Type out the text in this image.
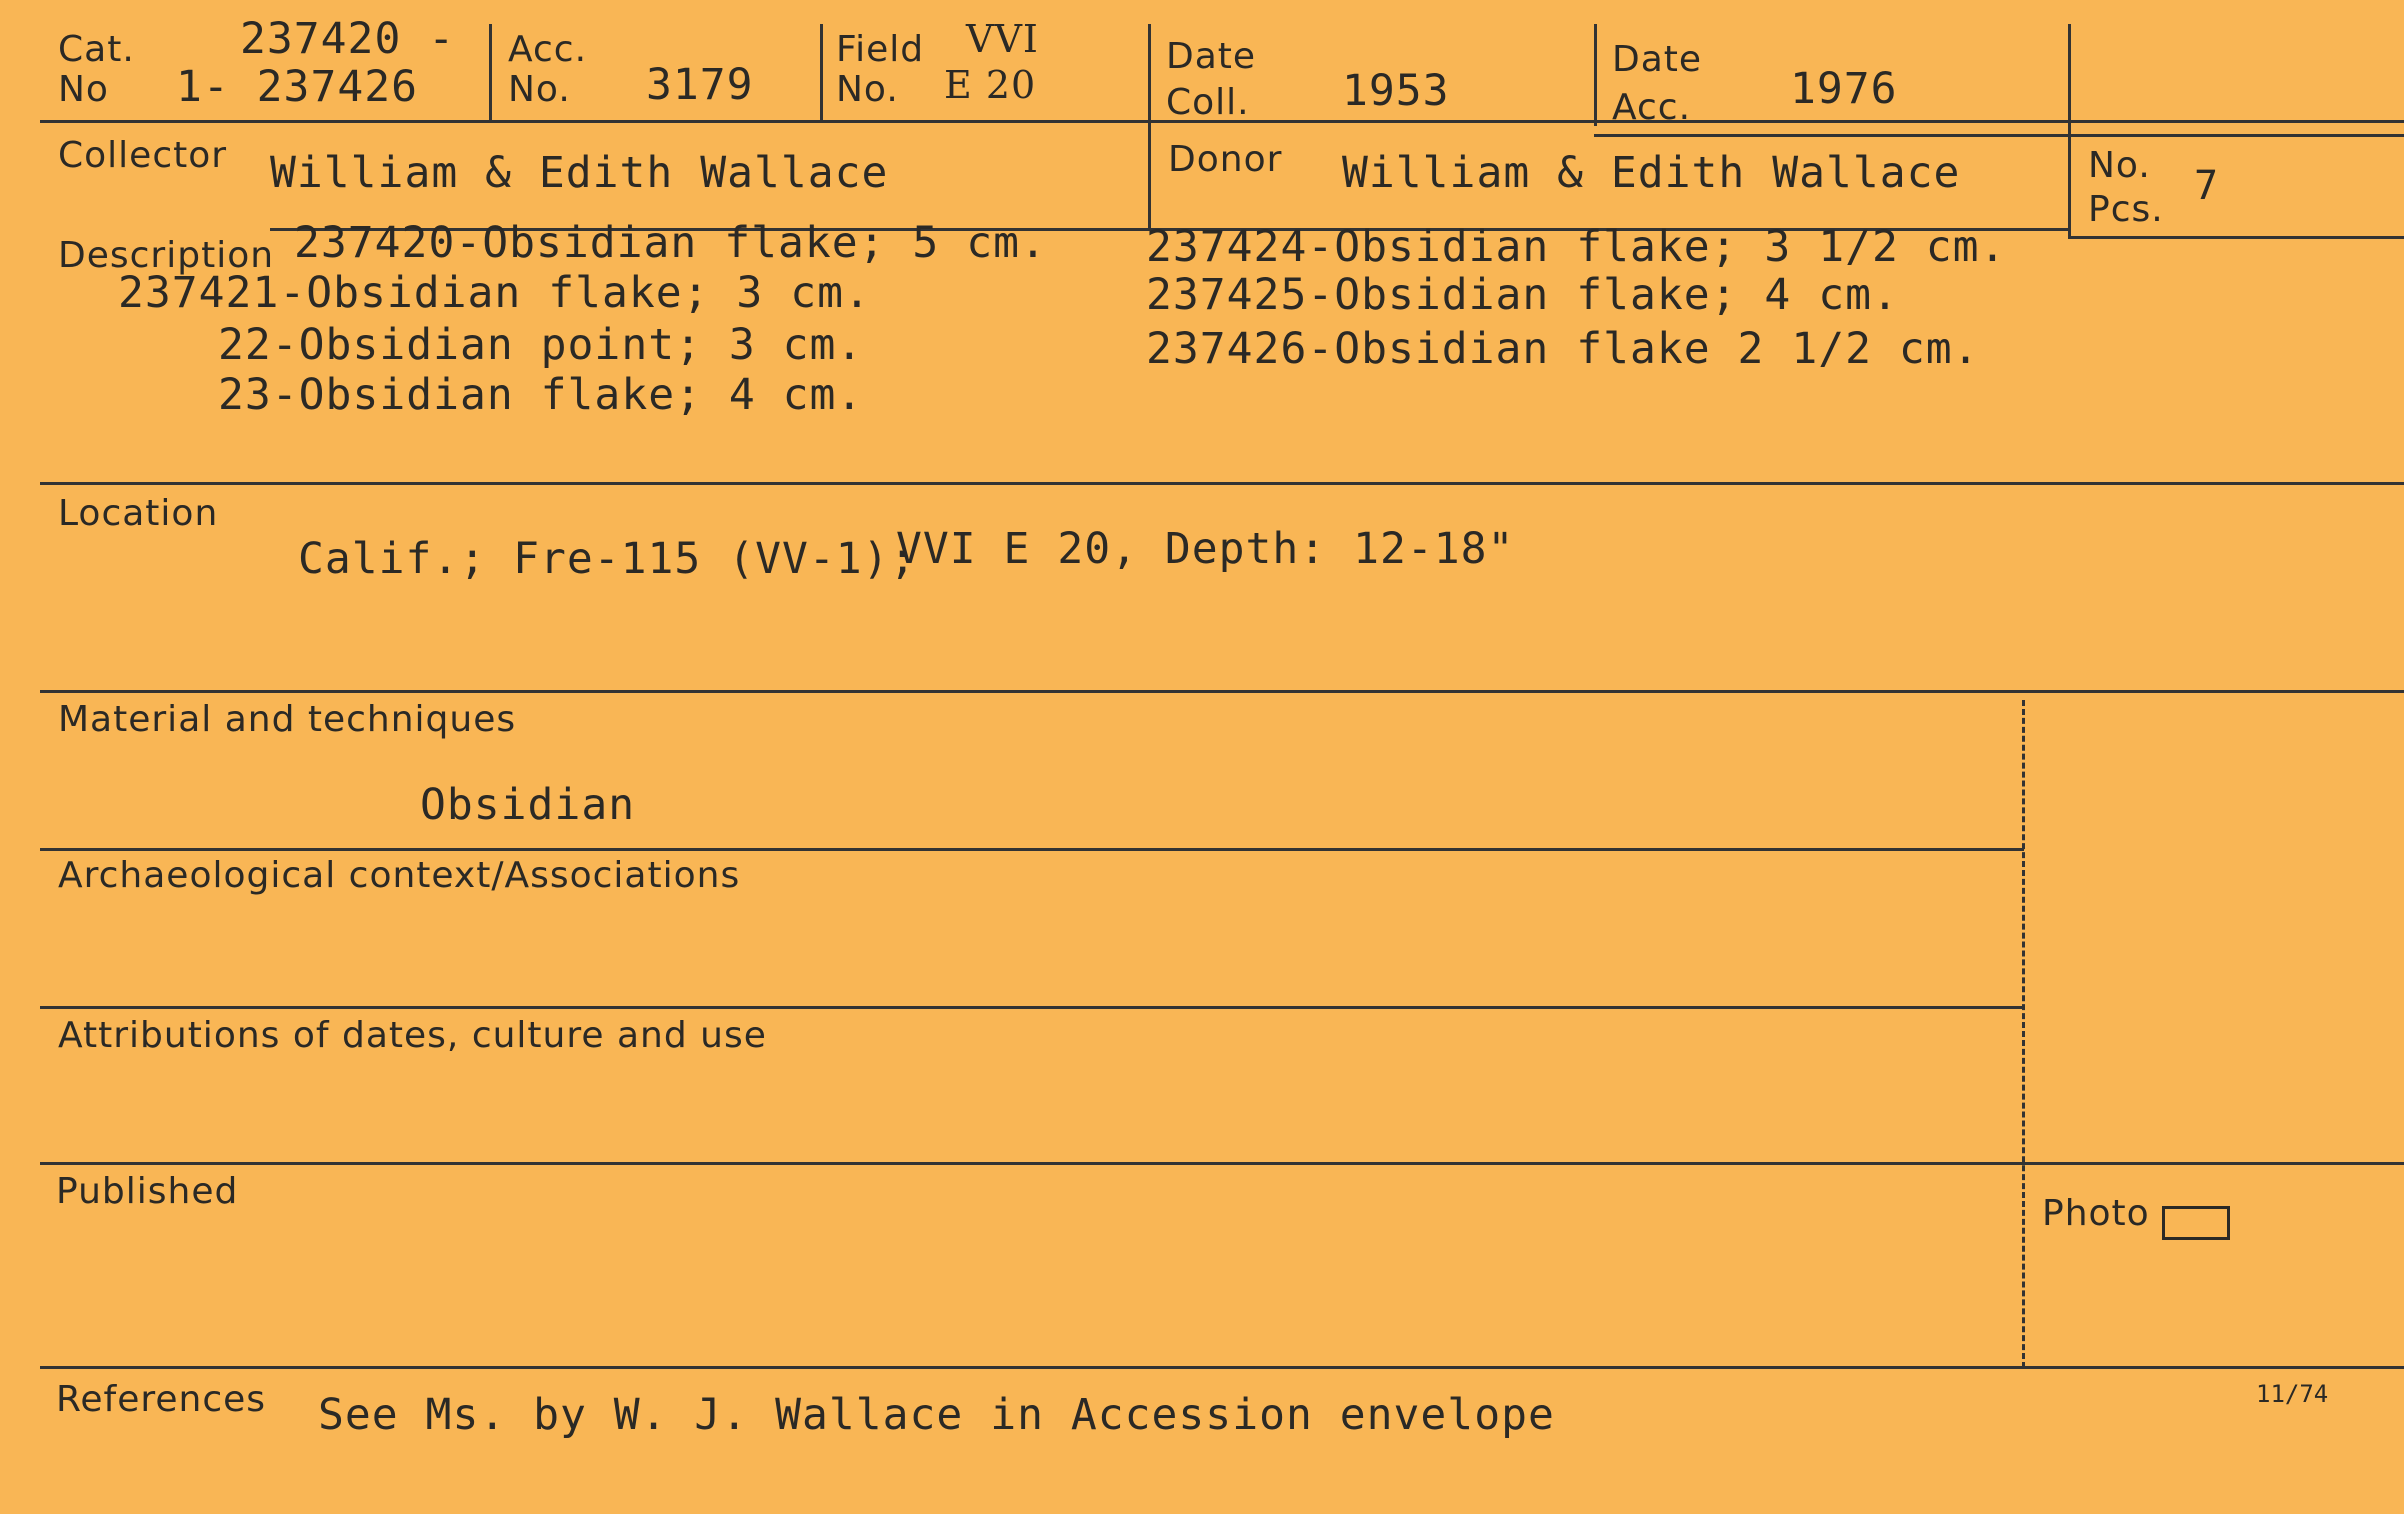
Cat. No
237420 -
1- 237426
Acc. No.	3179
Field No.
VVI
E 20
Date Coll.	1953
Date Acc.	1976
Collector William & Edith Wallace	Donor William & Edith Wallace	No.
Pcs.
7
Description 237420-Obsidian flake; 5 cm.
237421-Obsidian flake; 3 cm.
22-Obsidian point; 3 cm.
23-Obsidian flake; 4 cm.
237424-Obsidian flake; 3 1/2 cm.
237425-Obsidian flake; 4 cm.
237426-Obsidian flake 2 1/2 cm.
Location
Calif.; Fre-115 (VV-1);
VVI E 20, Depth: 12-18"
Material and techniques
Obsidian
Archaeological context/Associations
Attributions of dates, culture and use
Published
Photo
References See Ms. by W. J. Wallace in Accession envelope	11/74
